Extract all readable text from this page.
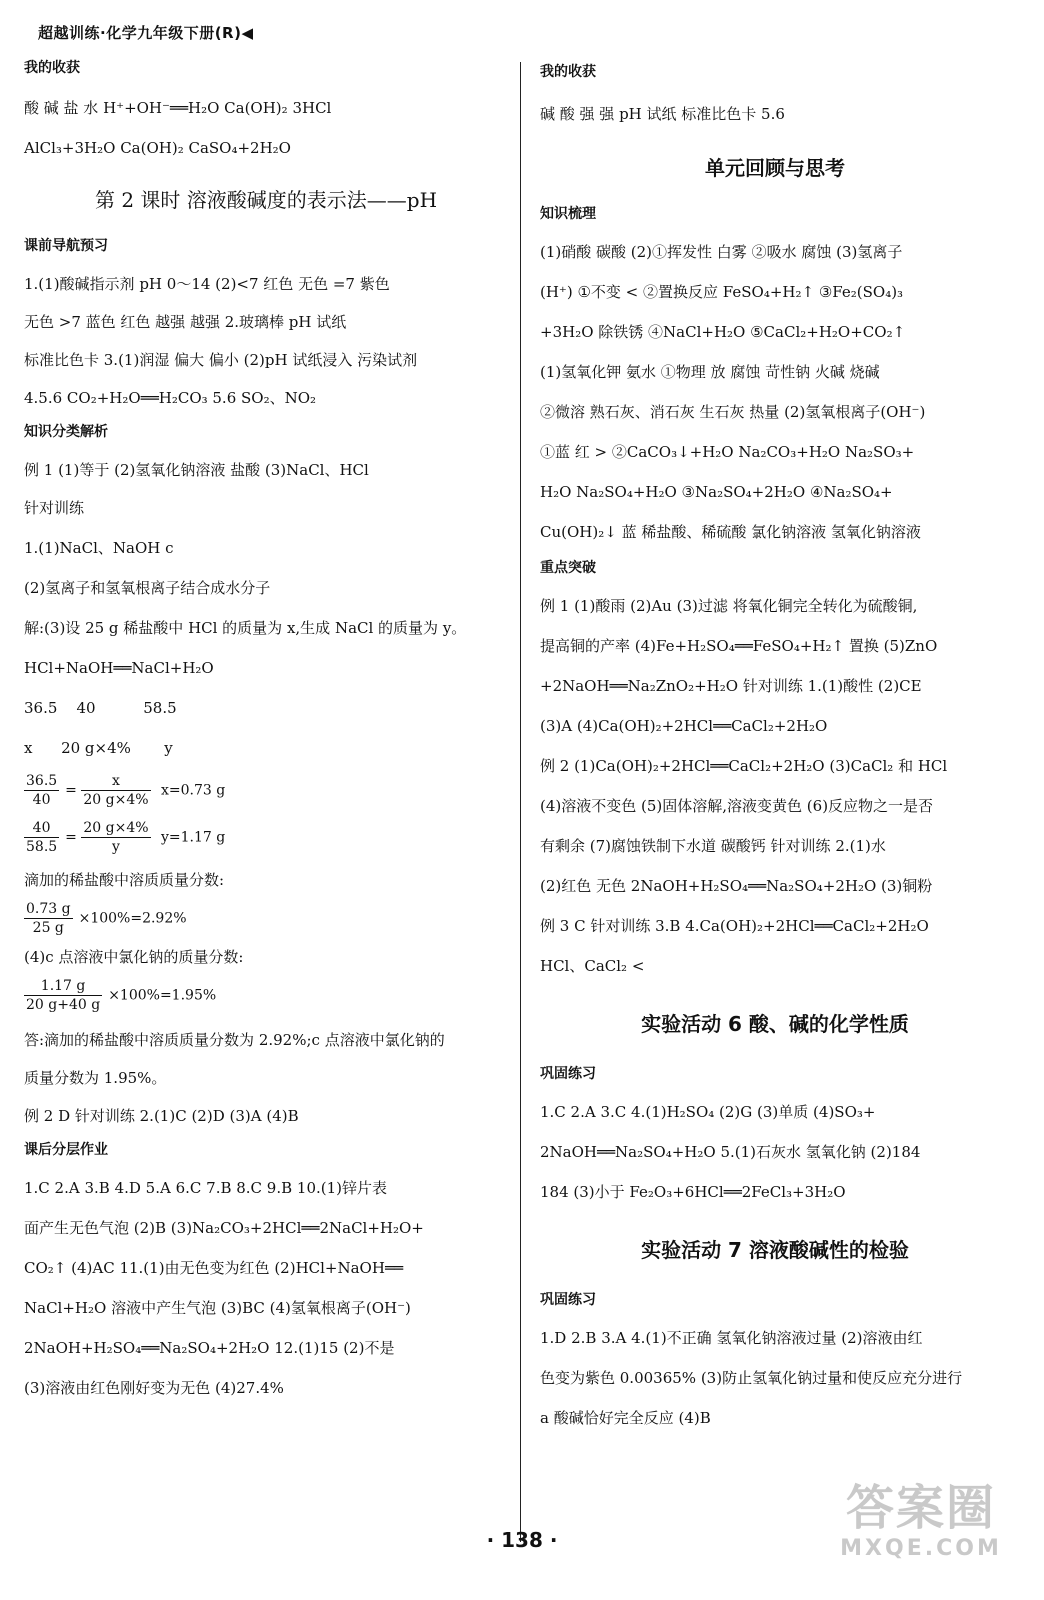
超越训练·化学九年级下册(R)◀

我的收获

酸 碱 盐 水 H⁺+OH⁻══H₂O Ca(OH)₂ 3HCl

AlCl₃+3H₂O Ca(OH)₂ CaSO₄+2H₂O

第 2 课时 溶液酸碱度的表示法——pH

课前导航预习

1.(1)酸碱指示剂 pH 0～14 (2)<7 红色 无色 =7 紫色

无色 >7 蓝色 红色 越强 越强 2.玻璃棒 pH 试纸

标准比色卡 3.(1)润湿 偏大 偏小 (2)pH 试纸浸入 污染试剂

4.5.6 CO₂+H₂O══H₂CO₃ 5.6 SO₂、NO₂

知识分类解析

例 1 (1)等于 (2)氢氧化钠溶液 盐酸 (3)NaCl、HCl

针对训练

1.(1)NaCl、NaOH c

(2)氢离子和氢氧根离子结合成水分子

解:(3)设 25 g 稀盐酸中 HCl 的质量为 x,生成 NaCl 的质量为 y。

HCl+NaOH══NaCl+H₂O

36.5    40          58.5

x      20 g×4%       y

$\frac{36.5}{40} = \frac{x}{20 g\times 4\%} x=0.73$ g
$\frac{40}{58.5} = \frac{20 g\times 4\%}{y} y=1.17$ g

滴加的稀盐酸中溶质质量分数:

$\frac{0.73 g}{25 g} \times 100\%=2.92\%$

(4)c 点溶液中氯化钠的质量分数:

$\frac{1.17 g}{20 g+40 g} \times 100\%=1.95\%$

答:滴加的稀盐酸中溶质质量分数为 2.92%;c 点溶液中氯化钠的

质量分数为 1.95%。

例 2 D 针对训练 2.(1)C (2)D (3)A (4)B

课后分层作业

1.C 2.A 3.B 4.D 5.A 6.C 7.B 8.C 9.B 10.(1)锌片表

面产生无色气泡 (2)B (3)Na₂CO₃+2HCl══2NaCl+H₂O+

CO₂↑ (4)AC 11.(1)由无色变为红色 (2)HCl+NaOH══

NaCl+H₂O 溶液中产生气泡 (3)BC (4)氢氧根离子(OH⁻)

2NaOH+H₂SO₄══Na₂SO₄+2H₂O 12.(1)15 (2)不是

(3)溶液由红色刚好变为无色 (4)27.4%

我的收获

碱 酸 强 强 pH 试纸 标准比色卡 5.6

单元回顾与思考

知识梳理

(1)硝酸 碳酸 (2)①挥发性 白雾 ②吸水 腐蚀 (3)氢离子

(H⁺) ①不变 < ②置换反应 FeSO₄+H₂↑ ③Fe₂(SO₄)₃

+3H₂O 除铁锈 ④NaCl+H₂O ⑤CaCl₂+H₂O+CO₂↑

(1)氢氧化钾 氨水 ①物理 放 腐蚀 苛性钠 火碱 烧碱

②微溶 熟石灰、消石灰 生石灰 热量 (2)氢氧根离子(OH⁻)

①蓝 红 > ②CaCO₃↓+H₂O Na₂CO₃+H₂O Na₂SO₃+

H₂O Na₂SO₄+H₂O ③Na₂SO₄+2H₂O ④Na₂SO₄+

Cu(OH)₂↓ 蓝 稀盐酸、稀硫酸 氯化钠溶液 氢氧化钠溶液

重点突破

例 1 (1)酸雨 (2)Au (3)过滤 将氧化铜完全转化为硫酸铜,

提高铜的产率 (4)Fe+H₂SO₄══FeSO₄+H₂↑ 置换 (5)ZnO

+2NaOH══Na₂ZnO₂+H₂O 针对训练 1.(1)酸性 (2)CE

(3)A (4)Ca(OH)₂+2HCl══CaCl₂+2H₂O

例 2 (1)Ca(OH)₂+2HCl══CaCl₂+2H₂O (3)CaCl₂ 和 HCl

(4)溶液不变色 (5)固体溶解,溶液变黄色 (6)反应物之一是否

有剩余 (7)腐蚀铁制下水道 碳酸钙 针对训练 2.(1)水

(2)红色 无色 2NaOH+H₂SO₄══Na₂SO₄+2H₂O (3)铜粉

例 3 C 针对训练 3.B 4.Ca(OH)₂+2HCl══CaCl₂+2H₂O

HCl、CaCl₂ <

实验活动 6 酸、碱的化学性质

巩固练习

1.C 2.A 3.C 4.(1)H₂SO₄ (2)G (3)单质 (4)SO₃+

2NaOH══Na₂SO₄+H₂O 5.(1)石灰水 氢氧化钠 (2)184

184 (3)小于 Fe₂O₃+6HCl══2FeCl₃+3H₂O

实验活动 7 溶液酸碱性的检验

巩固练习

1.D 2.B 3.A 4.(1)不正确 氢氧化钠溶液过量 (2)溶液由红

色变为紫色 0.00365% (3)防止氢氧化钠过量和使反应充分进行

a 酸碱恰好完全反应 (4)B

· 138 ·
答案圈
MXQE.COM
